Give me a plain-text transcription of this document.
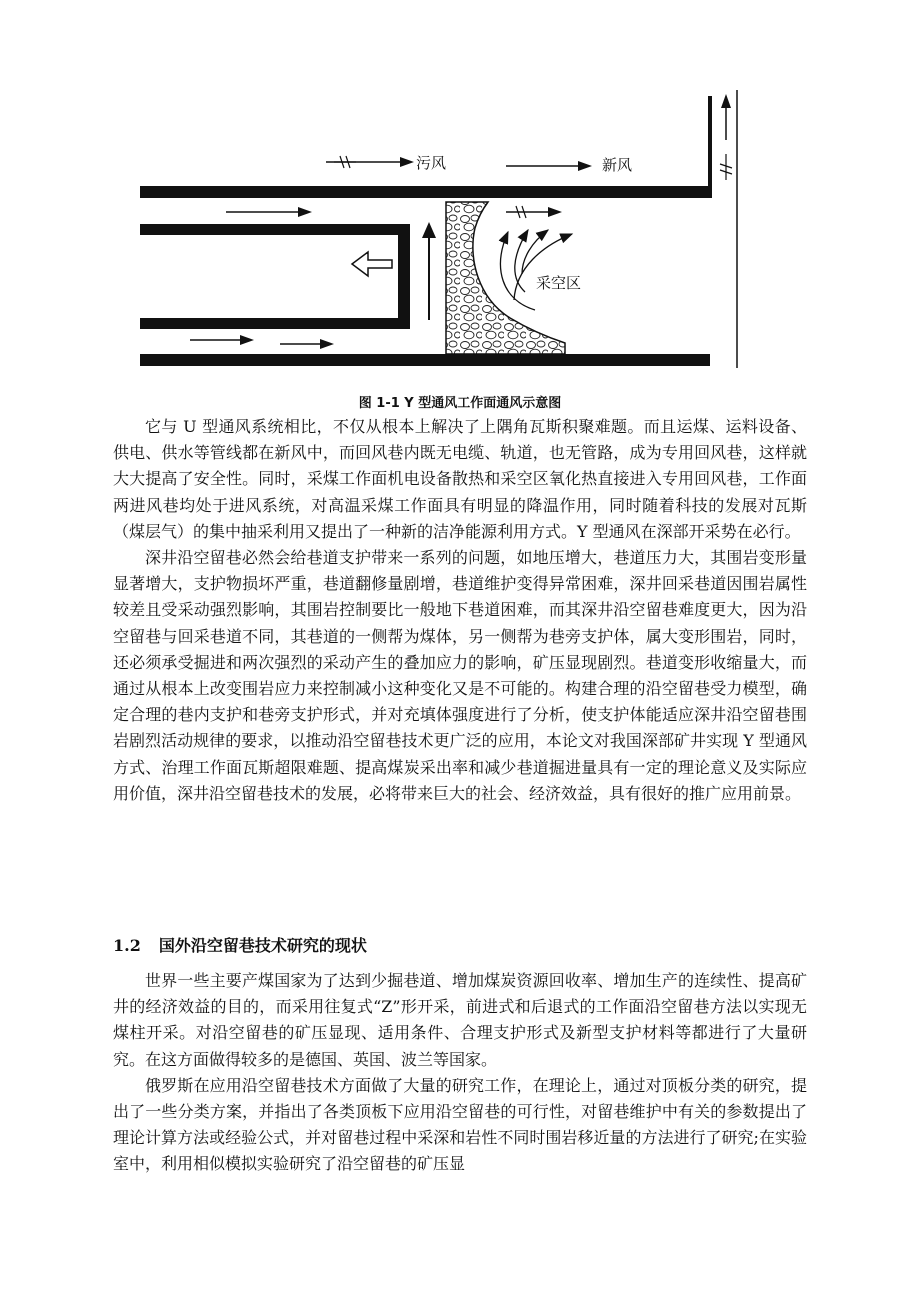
污风	新风
采空区
图 1-1 Y 型通风工作面通风示意图

它与 U 型通风系统相比，不仅从根本上解决了上隅角瓦斯积聚难题。而且运煤、运料设备、供电、供水等管线都在新风中，而回风巷内既无电缆、轨道，也无管路，成为专用回风巷，这样就大大提高了安全性。同时，采煤工作面机电设备散热和采空区氧化热直接进入专用回风巷，工作面两进风巷均处于进风系统，对高温采煤工作面具有明显的降温作用，同时随着科技的发展对瓦斯（煤层气）的集中抽采利用又提出了一种新的洁净能源利用方式。Y 型通风在深部开采势在必行。

深井沿空留巷必然会给巷道支护带来一系列的问题，如地压增大，巷道压力大，其围岩变形量显著增大，支护物损坏严重，巷道翻修量剧增，巷道维护变得异常困难，深井回采巷道因围岩属性较差且受采动强烈影响，其围岩控制要比一般地下巷道困难，而其深井沿空留巷难度更大，因为沿空留巷与回采巷道不同，其巷道的一侧帮为煤体，另一侧帮为巷旁支护体，属大变形围岩，同时，还必须承受掘进和两次强烈的采动产生的叠加应力的影响，矿压显现剧烈。巷道变形收缩量大，而通过从根本上改变围岩应力来控制减小这种变化又是不可能的。构建合理的沿空留巷受力模型，确定合理的巷内支护和巷旁支护形式，并对充填体强度进行了分析，使支护体能适应深井沿空留巷围岩剧烈活动规律的要求，以推动沿空留巷技术更广泛的应用，本论文对我国深部矿井实现 Y 型通风方式、治理工作面瓦斯超限难题、提高煤炭采出率和减少巷道掘进量具有一定的理论意义及实际应用价值，深井沿空留巷技术的发展，必将带来巨大的社会、经济效益，具有很好的推广应用前景。

1.2 国外沿空留巷技术研究的现状

世界一些主要产煤国家为了达到少掘巷道、增加煤炭资源回收率、增加生产的连续性、提高矿井的经济效益的目的，而采用往复式“Z”形开采，前进式和后退式的工作面沿空留巷方法以实现无煤柱开采。对沿空留巷的矿压显现、适用条件、合理支护形式及新型支护材料等都进行了大量研究。在这方面做得较多的是德国、英国、波兰等国家。

俄罗斯在应用沿空留巷技术方面做了大量的研究工作，在理论上，通过对顶板分类的研究，提出了一些分类方案，并指出了各类顶板下应用沿空留巷的可行性，对留巷维护中有关的参数提出了理论计算方法或经验公式，并对留巷过程中采深和岩性不同时围岩移近量的方法进行了研究;在实验室中，利用相似模拟实验研究了沿空留巷的矿压显
